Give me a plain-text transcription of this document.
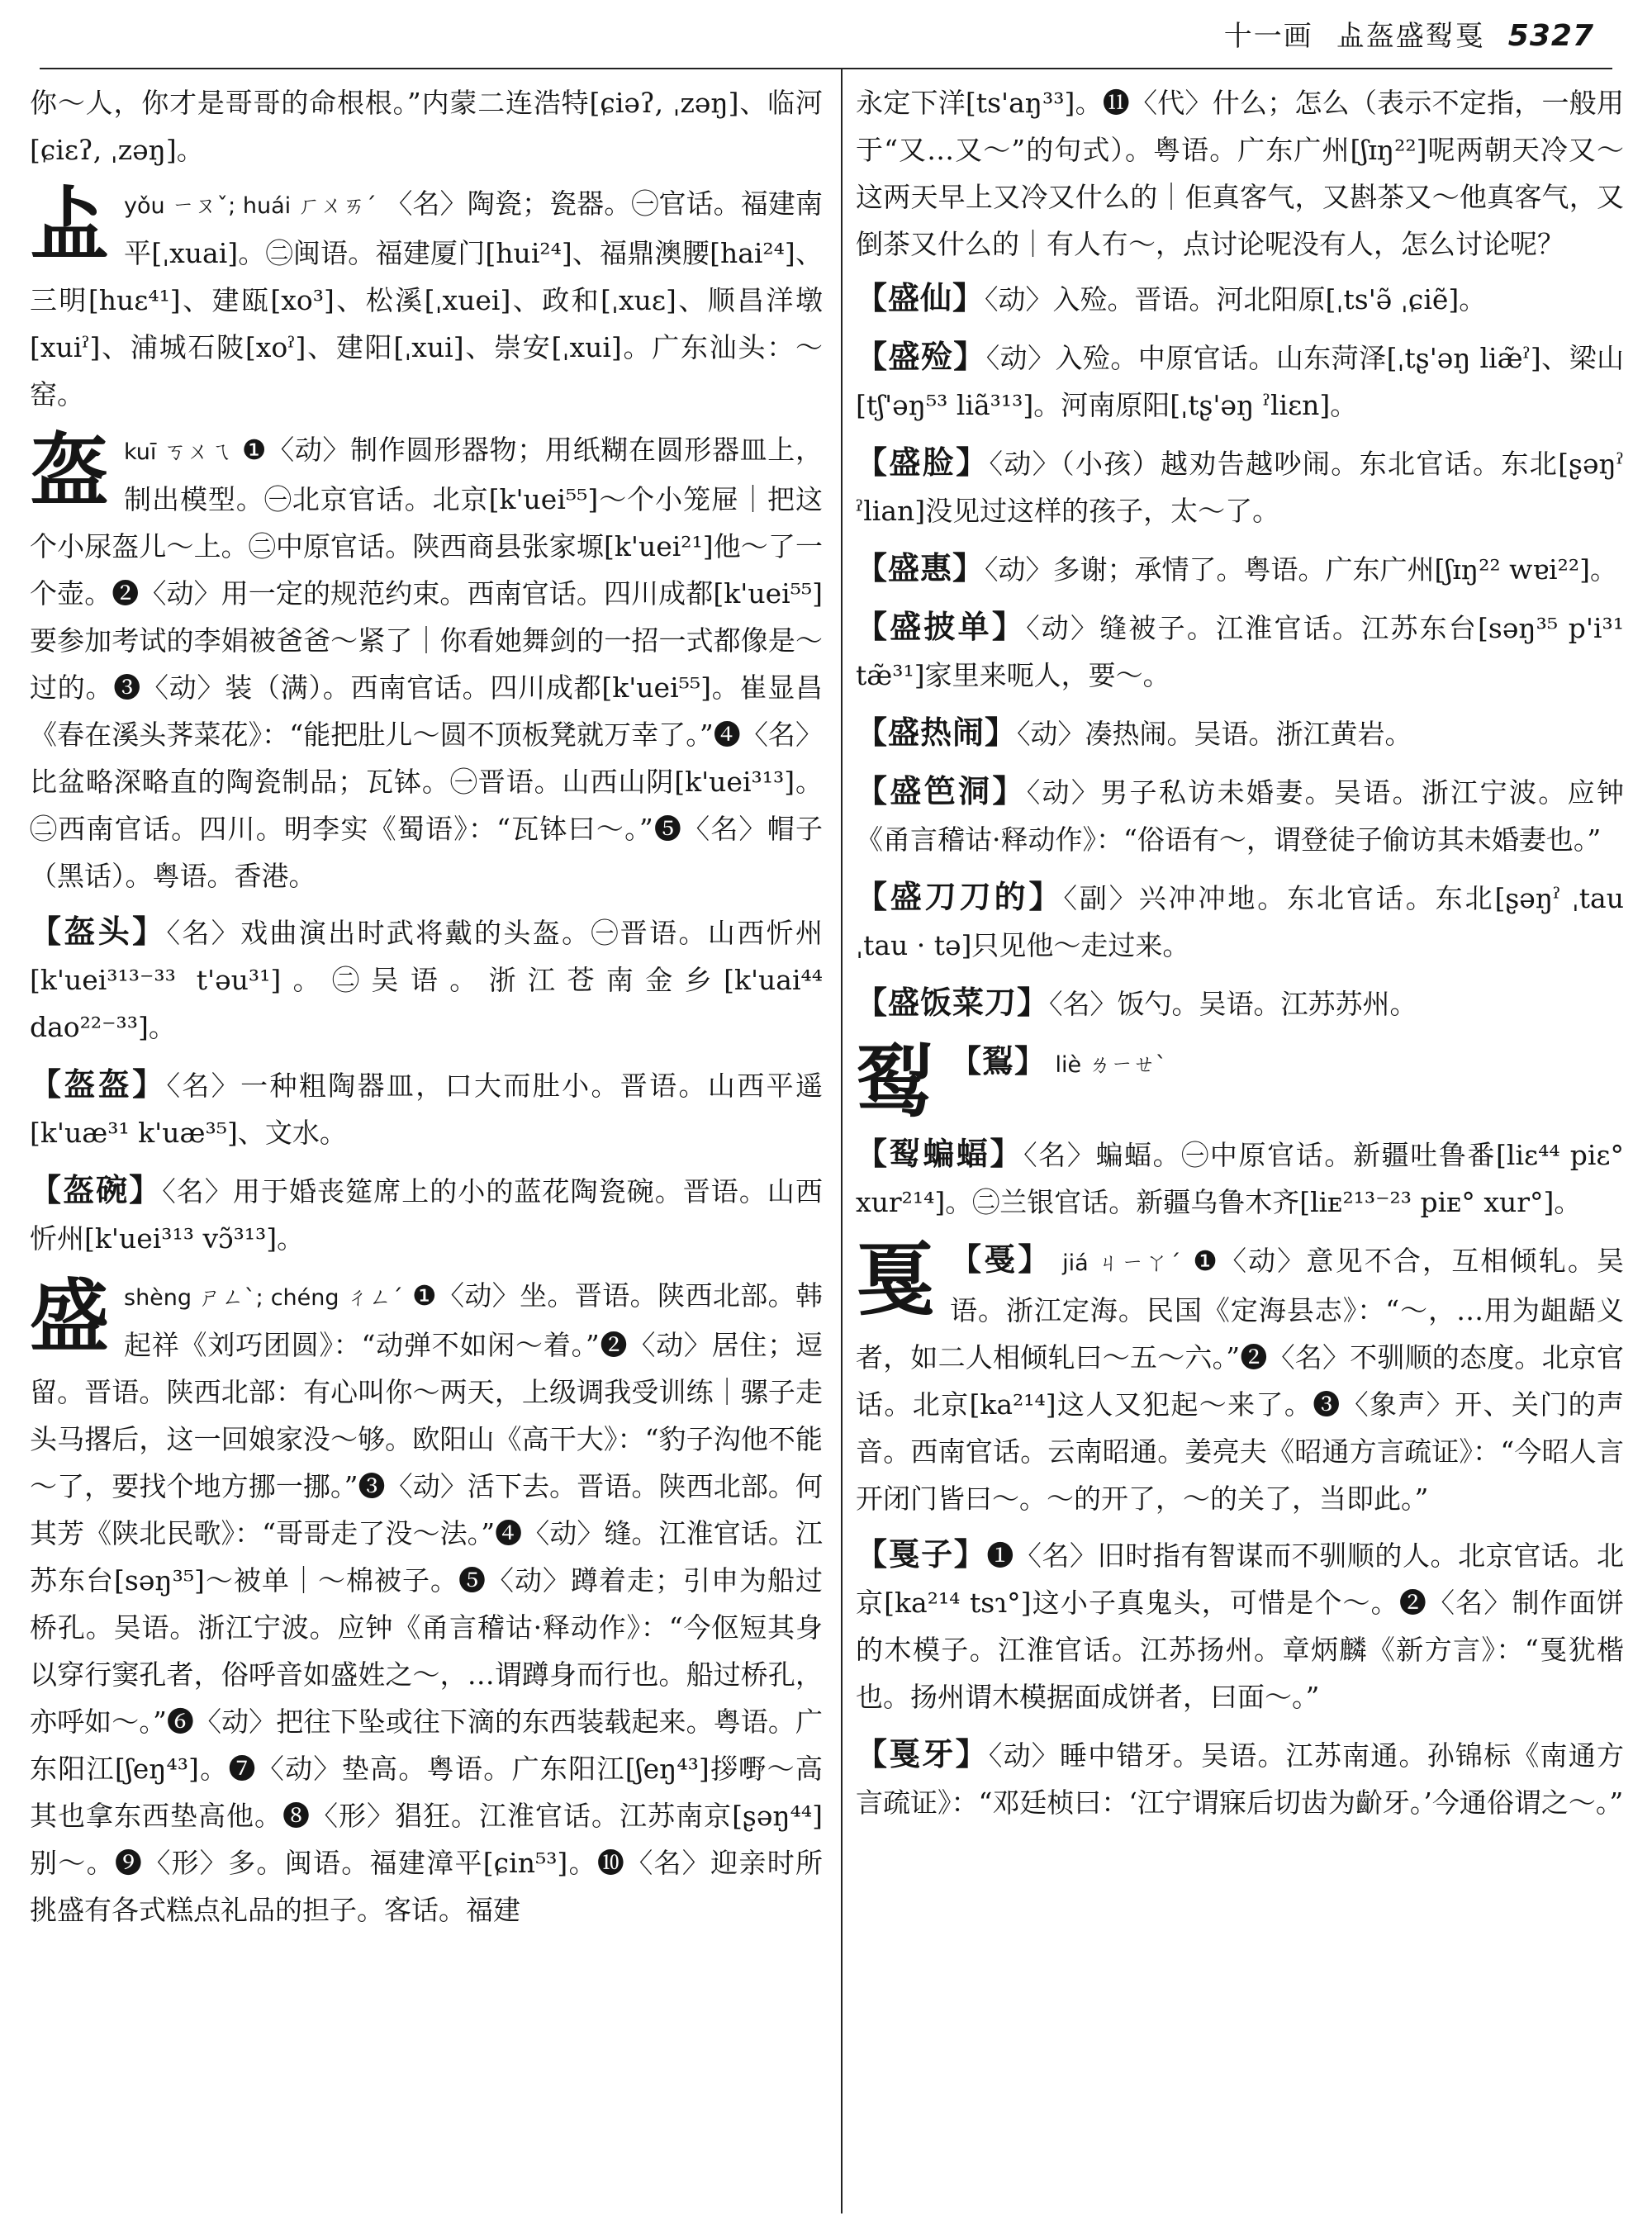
十一画 盀盔盛䴕戛 5327

你～人，你才是哥哥的命根根。”内蒙二连浩特[ɕiəʔ, ˌzəŋ]、临河[ɕiɛʔ, ˌzəŋ]。

盀 yǒu ㄧㄡˇ; huái ㄏㄨㄞˊ 〈名〉陶瓷；瓷器。㊀官话。福建南平[ˌxuai]。㊁闽语。福建厦门[hui²⁴]、福鼎澳腰[hai²⁴]、三明[huɛ⁴¹]、建瓯[xo³]、松溪[ˌxuei]、政和[ˌxuɛ]、顺昌洋墩[xuiˀ]、浦城石陂[xoˀ]、建阳[ˌxui]、崇安[ˌxui]。广东汕头：～窑。
盔 kuī ㄎㄨㄟ ❶〈动〉制作圆形器物；用纸糊在圆形器皿上，制出模型。㊀北京官话。北京[k'uei⁵⁵]～个小笼屉｜把这个小尿盔儿～上。㊁中原官话。陕西商县张家塬[k'uei²¹]他～了一个壶。❷〈动〉用一定的规范约束。西南官话。四川成都[k'uei⁵⁵]要参加考试的李娟被爸爸～紧了｜你看她舞剑的一招一式都像是～过的。❸〈动〉装（满）。西南官话。四川成都[k'uei⁵⁵]。崔显昌《春在溪头荠菜花》：“能把肚儿～圆不顶板凳就万幸了。”❹〈名〉比盆略深略直的陶瓷制品；瓦钵。㊀晋语。山西山阴[k'uei³¹³]。㊁西南官话。四川。明李实《蜀语》：“瓦钵曰～。”❺〈名〉帽子（黑话）。粤语。香港。
【盔头】〈名〉戏曲演出时武将戴的头盔。㊀晋语。山西忻州[k'uei³¹³⁻³³ t'əu³¹]。㊁吴语。浙江苍南金乡[k'uai⁴⁴ dao²²⁻³³]。
【盔盔】〈名〉一种粗陶器皿，口大而肚小。晋语。山西平遥[k'uæ³¹ k'uæ³⁵]、文水。
【盔碗】〈名〉用于婚丧筵席上的小的蓝花陶瓷碗。晋语。山西忻州[k'uei³¹³ vɔ̃³¹³]。
盛 shèng ㄕㄥˋ; chéng ㄔㄥˊ ❶〈动〉坐。晋语。陕西北部。韩起祥《刘巧团圆》：“动弹不如闲～着。”❷〈动〉居住；逗留。晋语。陕西北部：有心叫你～两天，上级调我受训练｜骡子走头马撂后，这一回娘家没～够。欧阳山《高干大》：“豹子沟他不能～了，要找个地方挪一挪。”❸〈动〉活下去。晋语。陕西北部。何其芳《陕北民歌》：“哥哥走了没～法。”❹〈动〉缝。江淮官话。江苏东台[səŋ³⁵]～被单｜～棉被子。❺〈动〉蹲着走；引申为船过桥孔。吴语。浙江宁波。应钟《甬言稽诂·释动作》：“今伛短其身以穿行窦孔者，俗呼音如盛姓之～，…谓蹲身而行也。船过桥孔，亦呼如～。”❻〈动〉把往下坠或往下滴的东西装载起来。粤语。广东阳江[ʃeŋ⁴³]。❼〈动〉垫高。粤语。广东阳江[ʃeŋ⁴³]拶嘢～高其也拿东西垫高他。❽〈形〉猖狂。江淮官话。江苏南京[ʂəŋ⁴⁴]别～。❾〈形〉多。闽语。福建漳平[ɕin⁵³]。❿〈名〉迎亲时所挑盛有各式糕点礼品的担子。客话。福建

永定下洋[ts'aŋ³³]。⓫〈代〉什么；怎么（表示不定指，一般用于“又…又～”的句式）。粤语。广东广州[ʃɪŋ²²]呢两朝天冷又～这两天早上又冷又什么的｜佢真客气，又斟茶又～他真客气，又倒茶又什么的｜有人冇～，点讨论呢没有人，怎么讨论呢？

【盛仙】〈动〉入殓。晋语。河北阳原[ˌts'ə̃ ˌɕiẽ]。
【盛殓】〈动〉入殓。中原官话。山东菏泽[ˌtʂ'əŋ liæ̃ˀ]、梁山[tʃ'əŋ⁵³ liã³¹³]。河南原阳[ˌtʂ'əŋ ˀliɛn]。
【盛脸】〈动〉（小孩）越劝告越吵闹。东北官话。东北[ʂəŋˀ ˀlian]没见过这样的孩子，太～了。
【盛惠】〈动〉多谢；承情了。粤语。广东广州[ʃɪŋ²² wɐi²²]。
【盛披单】〈动〉缝被子。江淮官话。江苏东台[səŋ³⁵ p'i³¹ tæ̃³¹]家里来呃人，要～。
【盛热闹】〈动〉凑热闹。吴语。浙江黄岩。
【盛笆洞】〈动〉男子私访未婚妻。吴语。浙江宁波。应钟《甬言稽诂·释动作》：“俗语有～，谓登徒子偷访其未婚妻也。”
【盛刀刀的】〈副〉兴冲冲地。东北官话。东北[ʂəŋˀ ˌtau ˌtau · tə]只见他～走过来。
【盛饭菜刀】〈名〉饭勺。吴语。江苏苏州。
䴕 【鴷】 liè ㄌㄧㄝˋ
【䴕蝙蝠】〈名〉蝙蝠。㊀中原官话。新疆吐鲁番[liɛ⁴⁴ piɛ° xur²¹⁴]。㊁兰银官话。新疆乌鲁木齐[liᴇ²¹³⁻²³ piᴇ° xur°]。
戛 【戞】 jiá ㄐㄧㄚˊ ❶〈动〉意见不合，互相倾轧。吴语。浙江定海。民国《定海县志》：“～，…用为龃龉义者，如二人相倾轧曰～五～六。”❷〈名〉不驯顺的态度。北京官话。北京[ka²¹⁴]这人又犯起～来了。❸〈象声〉开、关门的声音。西南官话。云南昭通。姜亮夫《昭通方言疏证》：“今昭人言开闭门皆曰～。～的开了，～的关了，当即此。”
【戛子】❶〈名〉旧时指有智谋而不驯顺的人。北京官话。北京[ka²¹⁴ tsɿ°]这小子真鬼头，可惜是个～。❷〈名〉制作面饼的木模子。江淮官话。江苏扬州。章炳麟《新方言》：“戛犹楷也。扬州谓木模据面成饼者，曰面～。”
【戛牙】〈动〉睡中错牙。吴语。江苏南通。孙锦标《南通方言疏证》：“邓廷桢曰：‘江宁谓寐后切齿为齘牙。’今通俗谓之～。”
